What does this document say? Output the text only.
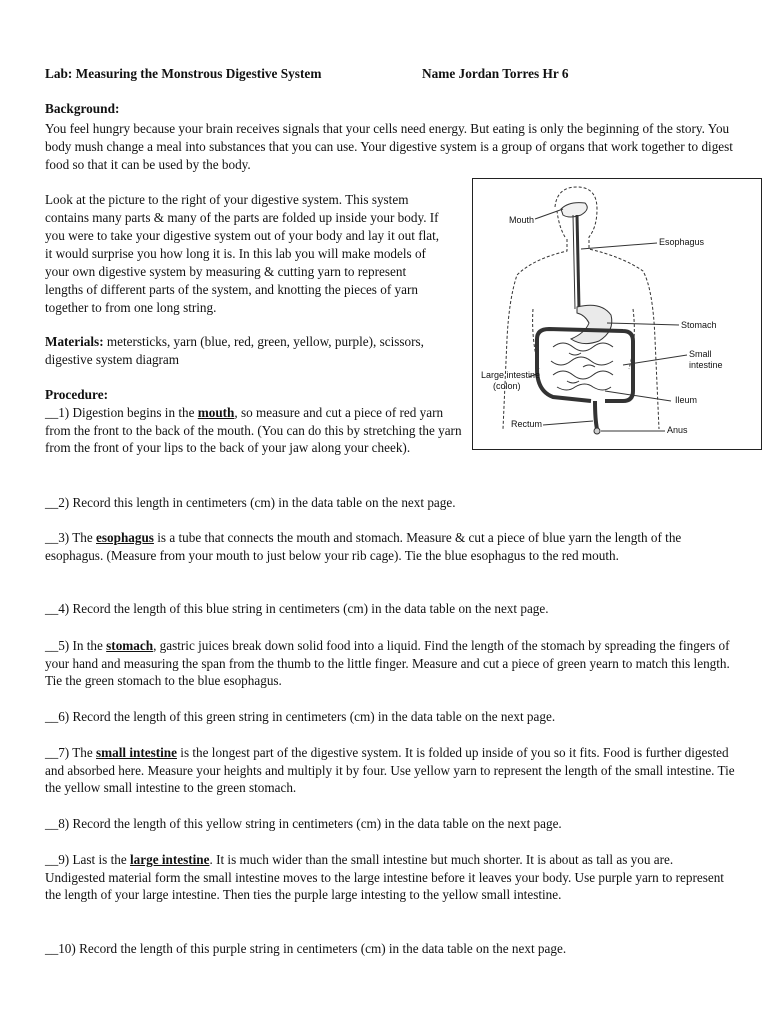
Lab: Measuring the Monstrous Digestive System	Name Jordan Torres Hr 6
Background:
You feel hungry because your brain receives signals that your cells need energy. But eating is only the beginning of the story. You body mush change a meal into substances that you can use. Your digestive system is a group of organs that work together to digest food so that it can be used by the body.
Look at the picture to the right of your digestive system. This system contains many parts & many of the parts are folded up inside your body. If you were to take your digestive system out of your body and lay it out flat, it would surprise you how long it is. In this lab you will make models of your own digestive system by measuring & cutting yarn to represent lengths of different parts of the system, and knotting the pieces of yarn together to from one long string.
Materials: metersticks, yarn (blue, red, green, yellow, purple), scissors, digestive system diagram
Procedure:
__1) Digestion begins in the mouth, so measure and cut a piece of red yarn from the front to the back of the mouth. (You can do this by stretching the yarn from the front of your lips to the back of your jaw along your cheek).
__2) Record this length in centimeters (cm) in the data table on the next page.
__3) The esophagus is a tube that connects the mouth and stomach. Measure & cut a piece of blue yarn the length of the esophagus. (Measure from your mouth to just below your rib cage). Tie the blue esophagus to the red mouth.
__4) Record the length of this blue string in centimeters (cm) in the data table on the next page.
__5) In the stomach, gastric juices break down solid food into a liquid. Find the length of the stomach by spreading the fingers of your hand and measuring the span from the thumb to the little finger. Measure and cut a piece of green yearn to match this length. Tie the green stomach to the blue esophagus.
__6) Record the length of this green string in centimeters (cm) in the data table on the next page.
__7) The small intestine is the longest part of the digestive system. It is folded up inside of you so it fits. Food is further digested and absorbed here. Measure your heights and multiply it by four. Use yellow yarn to represent the length of the small intestine. Tie the yellow small intestine to the green stomach.
__8) Record the length of this yellow string in centimeters (cm) in the data table on the next page.
__9) Last is the large intestine. It is much wider than the small intestine but much shorter. It is about as tall as you are. Undigested material form the small intestine moves to the large intestine before it leaves your body. Use purple yarn to represent the length of your large intestine. Then ties the purple large intesting to the yellow small intestine.
__10) Record the length of this purple string in centimeters (cm) in the data table on the next page.
Mouth
Esophagus
Stomach
Small
intestine
Large intestine
(colon)
Ileum
Rectum
Anus
